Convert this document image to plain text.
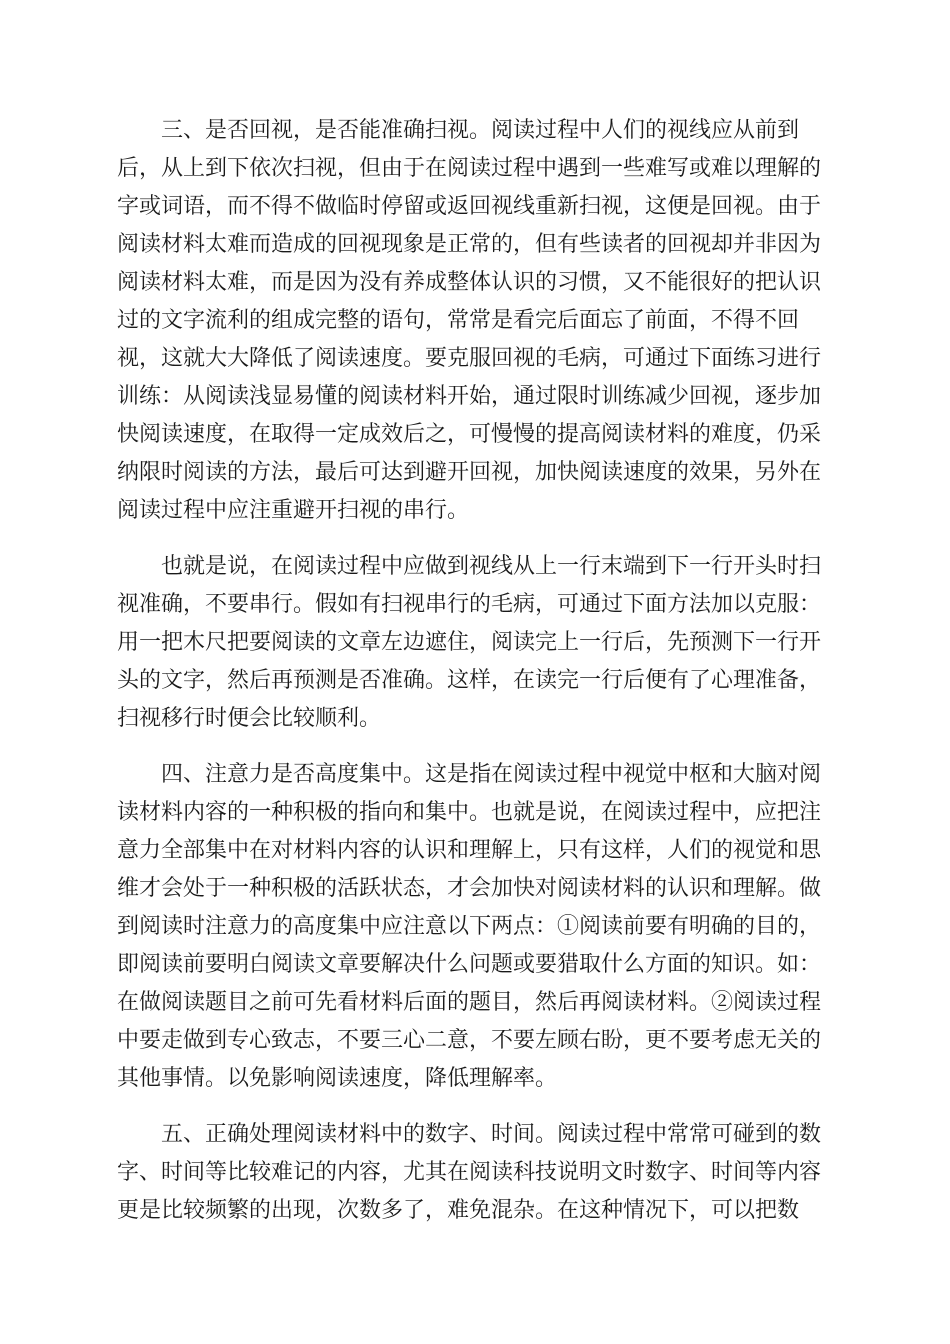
三、是否回视，是否能准确扫视。阅读过程中人们的视线应从前到
后，从上到下依次扫视，但由于在阅读过程中遇到一些难写或难以理解的
字或词语，而不得不做临时停留或返回视线重新扫视，这便是回视。由于
阅读材料太难而造成的回视现象是正常的，但有些读者的回视却并非因为
阅读材料太难，而是因为没有养成整体认识的习惯，又不能很好的把认识
过的文字流利的组成完整的语句，常常是看完后面忘了前面，不得不回
视，这就大大降低了阅读速度。要克服回视的毛病，可通过下面练习进行
训练：从阅读浅显易懂的阅读材料开始，通过限时训练减少回视，逐步加
快阅读速度，在取得一定成效后之，可慢慢的提高阅读材料的难度，仍采
纳限时阅读的方法，最后可达到避开回视，加快阅读速度的效果，另外在
阅读过程中应注重避开扫视的串行。

也就是说，在阅读过程中应做到视线从上一行末端到下一行开头时扫
视准确，不要串行。假如有扫视串行的毛病，可通过下面方法加以克服：
用一把木尺把要阅读的文章左边遮住，阅读完上一行后，先预测下一行开
头的文字，然后再预测是否准确。这样，在读完一行后便有了心理准备，
扫视移行时便会比较顺利。

四、注意力是否高度集中。这是指在阅读过程中视觉中枢和大脑对阅
读材料内容的一种积极的指向和集中。也就是说，在阅读过程中，应把注
意力全部集中在对材料内容的认识和理解上，只有这样，人们的视觉和思
维才会处于一种积极的活跃状态，才会加快对阅读材料的认识和理解。做
到阅读时注意力的高度集中应注意以下两点：①阅读前要有明确的目的，
即阅读前要明白阅读文章要解决什么问题或要猎取什么方面的知识。如：
在做阅读题目之前可先看材料后面的题目，然后再阅读材料。②阅读过程
中要走做到专心致志，不要三心二意，不要左顾右盼，更不要考虑无关的
其他事情。以免影响阅读速度，降低理解率。

五、正确处理阅读材料中的数字、时间。阅读过程中常常可碰到的数
字、时间等比较难记的内容，尤其在阅读科技说明文时数字、时间等内容
更是比较频繁的出现，次数多了，难免混杂。在这种情况下，可以把数
